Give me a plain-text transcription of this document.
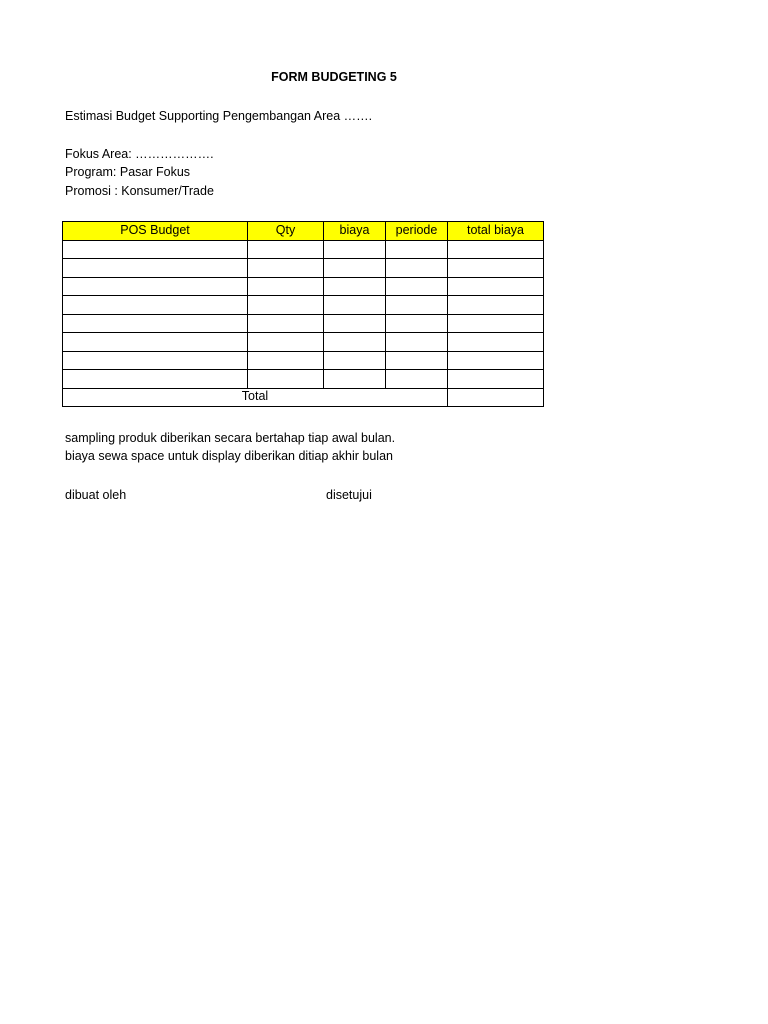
FORM BUDGETING 5
Estimasi Budget Supporting Pengembangan Area …….
Fokus Area: ……………….
Program: Pasar Fokus
Promosi : Konsumer/Trade
POS Budget	Qty	biaya	periode	total biaya

Total				
sampling produk diberikan secara bertahap tiap awal bulan.
biaya sewa space untuk display diberikan ditiap akhir bulan
dibuat oleh	disetujui
